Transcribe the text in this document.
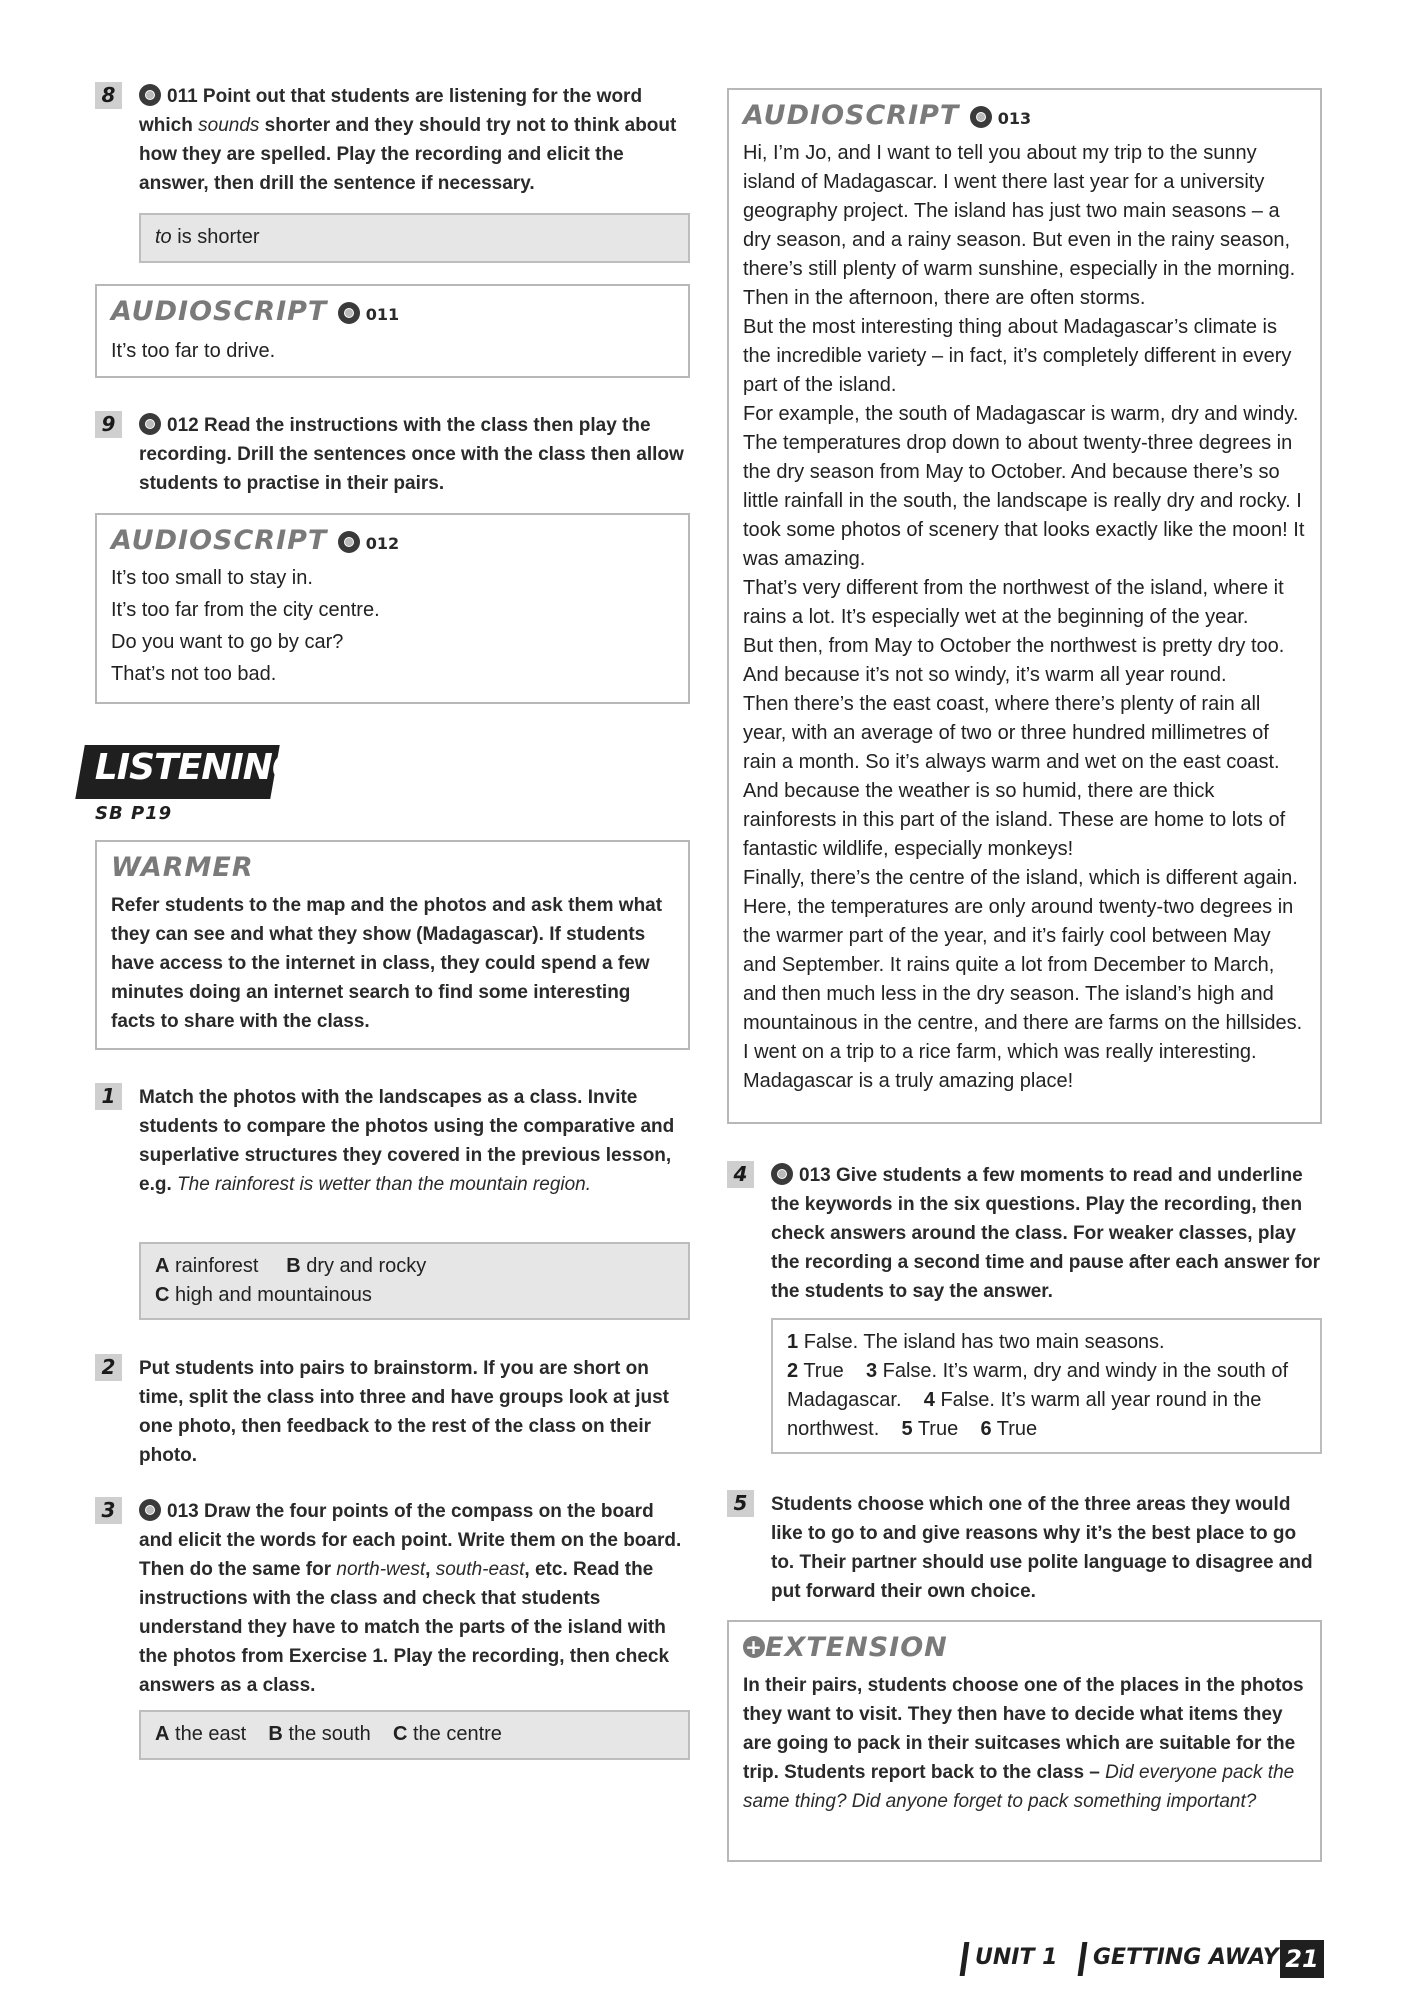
8	011 Point out that students are listening for the word which sounds shorter and they should try not to think about how they are spelled. Play the recording and elicit the answer, then drill the sentence if necessary.
to is shorter
AUDIOSCRIPT 011
It’s too far to drive.
9	012 Read the instructions with the class then play the recording. Drill the sentences once with the class then allow students to practise in their pairs.
AUDIOSCRIPT 012
It’s too small to stay in.
It’s too far from the city centre.
Do you want to go by car?
That’s not too bad.
WARMER
Refer students to the map and the photos and ask them what they can see and what they show (Madagascar). If students have access to the internet in class, they could spend a few minutes doing an internet search to find some interesting facts to share with the class.
1	Match the photos with the landscapes as a class. Invite students to compare the photos using the comparative and superlative structures they covered in the previous lesson, e.g. The rainforest is wetter than the mountain region.
A rainforest B dry and rocky
C high and mountainous
2	Put students into pairs to brainstorm. If you are short on time, split the class into three and have groups look at just one photo, then feedback to the rest of the class on their photo.
3	013 Draw the four points of the compass on the board and elicit the words for each point. Write them on the board. Then do the same for north-west, south-east, etc. Read the instructions with the class and check that students understand they have to match the parts of the island with the photos from Exercise 1. Play the recording, then check answers as a class.
A the east B the south C the centre
LISTENING
SB P19
AUDIOSCRIPT 013
Hi, I’m Jo, and I want to tell you about my trip to the sunny island of Madagascar. I went there last year for a university geography project. The island has just two main seasons – a dry season, and a rainy season. But even in the rainy season, there’s still plenty of warm sunshine, especially in the morning. Then in the afternoon, there are often storms.
But the most interesting thing about Madagascar’s climate is the incredible variety – in fact, it’s completely different in every part of the island.
For example, the south of Madagascar is warm, dry and windy. The temperatures drop down to about twenty-three degrees in the dry season from May to October. And because there’s so little rainfall in the south, the landscape is really dry and rocky. I took some photos of scenery that looks exactly like the moon! It was amazing.
That’s very different from the northwest of the island, where it rains a lot. It’s especially wet at the beginning of the year.
But then, from May to October the northwest is pretty dry too. And because it’s not so windy, it’s warm all year round.
Then there’s the east coast, where there’s plenty of rain all year, with an average of two or three hundred millimetres of rain a month. So it’s always warm and wet on the east coast.
And because the weather is so humid, there are thick rainforests in this part of the island. These are home to lots of fantastic wildlife, especially monkeys!
Finally, there’s the centre of the island, which is different again. Here, the temperatures are only around twenty-two degrees in the warmer part of the year, and it’s fairly cool between May and September. It rains quite a lot from December to March, and then much less in the dry season. The island’s high and mountainous in the centre, and there are farms on the hillsides. I went on a trip to a rice farm, which was really interesting. Madagascar is a truly amazing place!
4	013 Give students a few moments to read and underline the keywords in the six questions. Play the recording, then check answers around the class. For weaker classes, play the recording a second time and pause after each answer for the students to say the answer.
1 False. The island has two main seasons.
2 True 3 False. It’s warm, dry and windy in the south of Madagascar. 4 False. It’s warm all year round in the northwest. 5 True 6 True
5	Students choose which one of the three areas they would like to go to and give reasons why it’s the best place to go to. Their partner should use polite language to disagree and put forward their own choice.
+EXTENSION
In their pairs, students choose one of the places in the photos they want to visit. They then have to decide what items they are going to pack in their suitcases which are suitable for the trip. Students report back to the class – Did everyone pack the same thing? Did anyone forget to pack something important?
UNIT 1 GETTING AWAY 21
